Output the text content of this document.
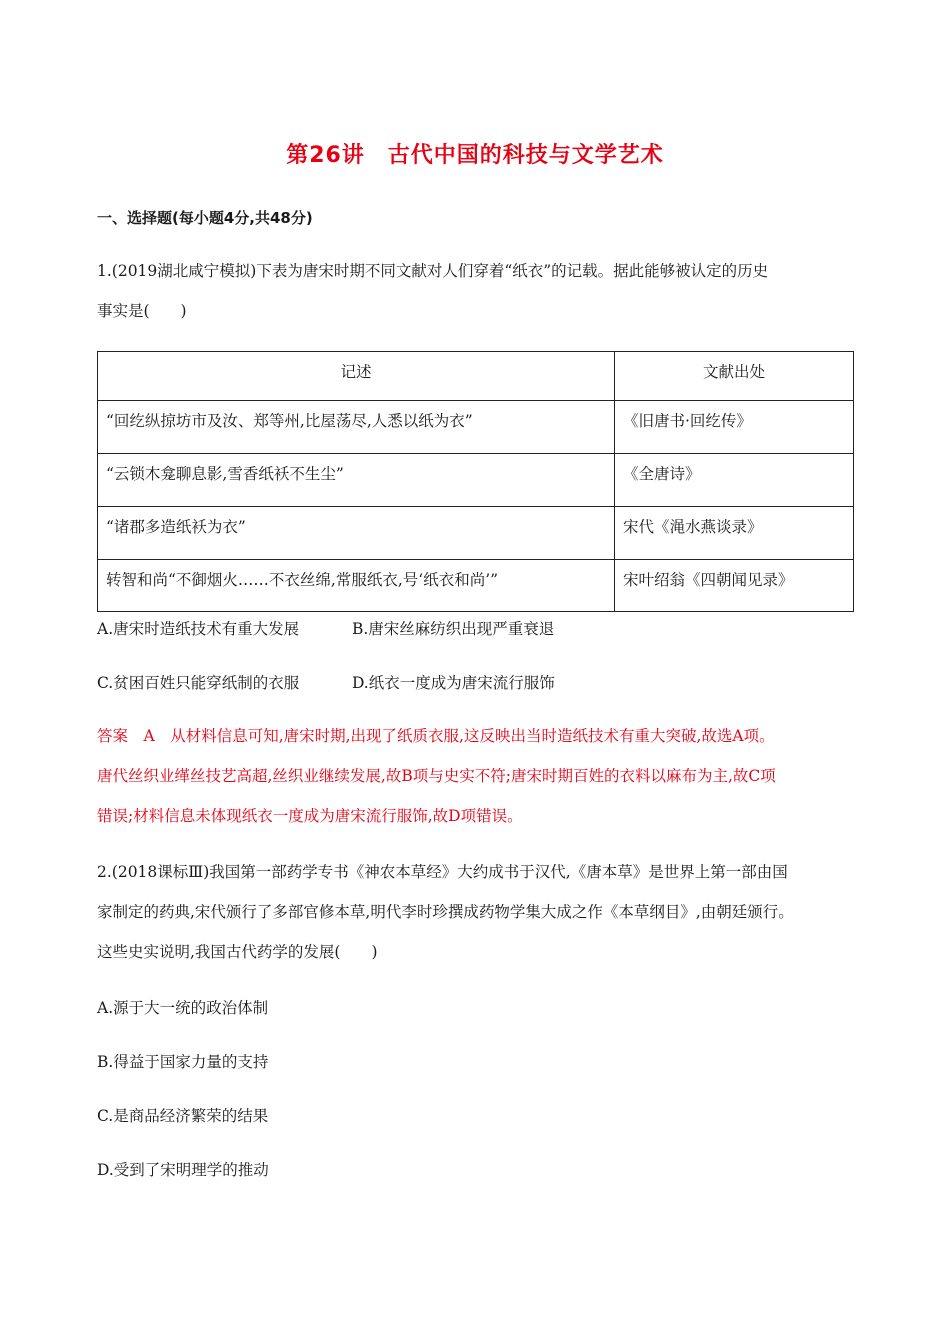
第26讲　古代中国的科技与文学艺术
一、选择题(每小题4分,共48分)
1.(2019湖北咸宁模拟)下表为唐宋时期不同文献对人们穿着“纸衣”的记载。据此能够被认定的历史
事实是(　　)
记述	文献出处
“回纥纵掠坊市及汝、郑等州,比屋荡尽,人悉以纸为衣”	《旧唐书·回纥传》
“云锁木龛聊息影,雪香纸袄不生尘”	《全唐诗》
“诸郡多造纸袄为衣”	宋代《渑水燕谈录》
转智和尚“不御烟火……不衣丝绵,常服纸衣,号‘纸衣和尚’”	宋叶绍翁《四朝闻见录》
A.唐宋时造纸技术有重大发展	B.唐宋丝麻纺织出现严重衰退
C.贫困百姓只能穿纸制的衣服	D.纸衣一度成为唐宋流行服饰
答案　A　从材料信息可知,唐宋时期,出现了纸质衣服,这反映出当时造纸技术有重大突破,故选A项。
唐代丝织业缂丝技艺高超,丝织业继续发展,故B项与史实不符;唐宋时期百姓的衣料以麻布为主,故C项
错误;材料信息未体现纸衣一度成为唐宋流行服饰,故D项错误。
2.(2018课标Ⅲ)我国第一部药学专书《神农本草经》大约成书于汉代,《唐本草》是世界上第一部由国
家制定的药典,宋代颁行了多部官修本草,明代李时珍撰成药物学集大成之作《本草纲目》,由朝廷颁行。
这些史实说明,我国古代药学的发展(　　)
A.源于大一统的政治体制
B.得益于国家力量的支持
C.是商品经济繁荣的结果
D.受到了宋明理学的推动
